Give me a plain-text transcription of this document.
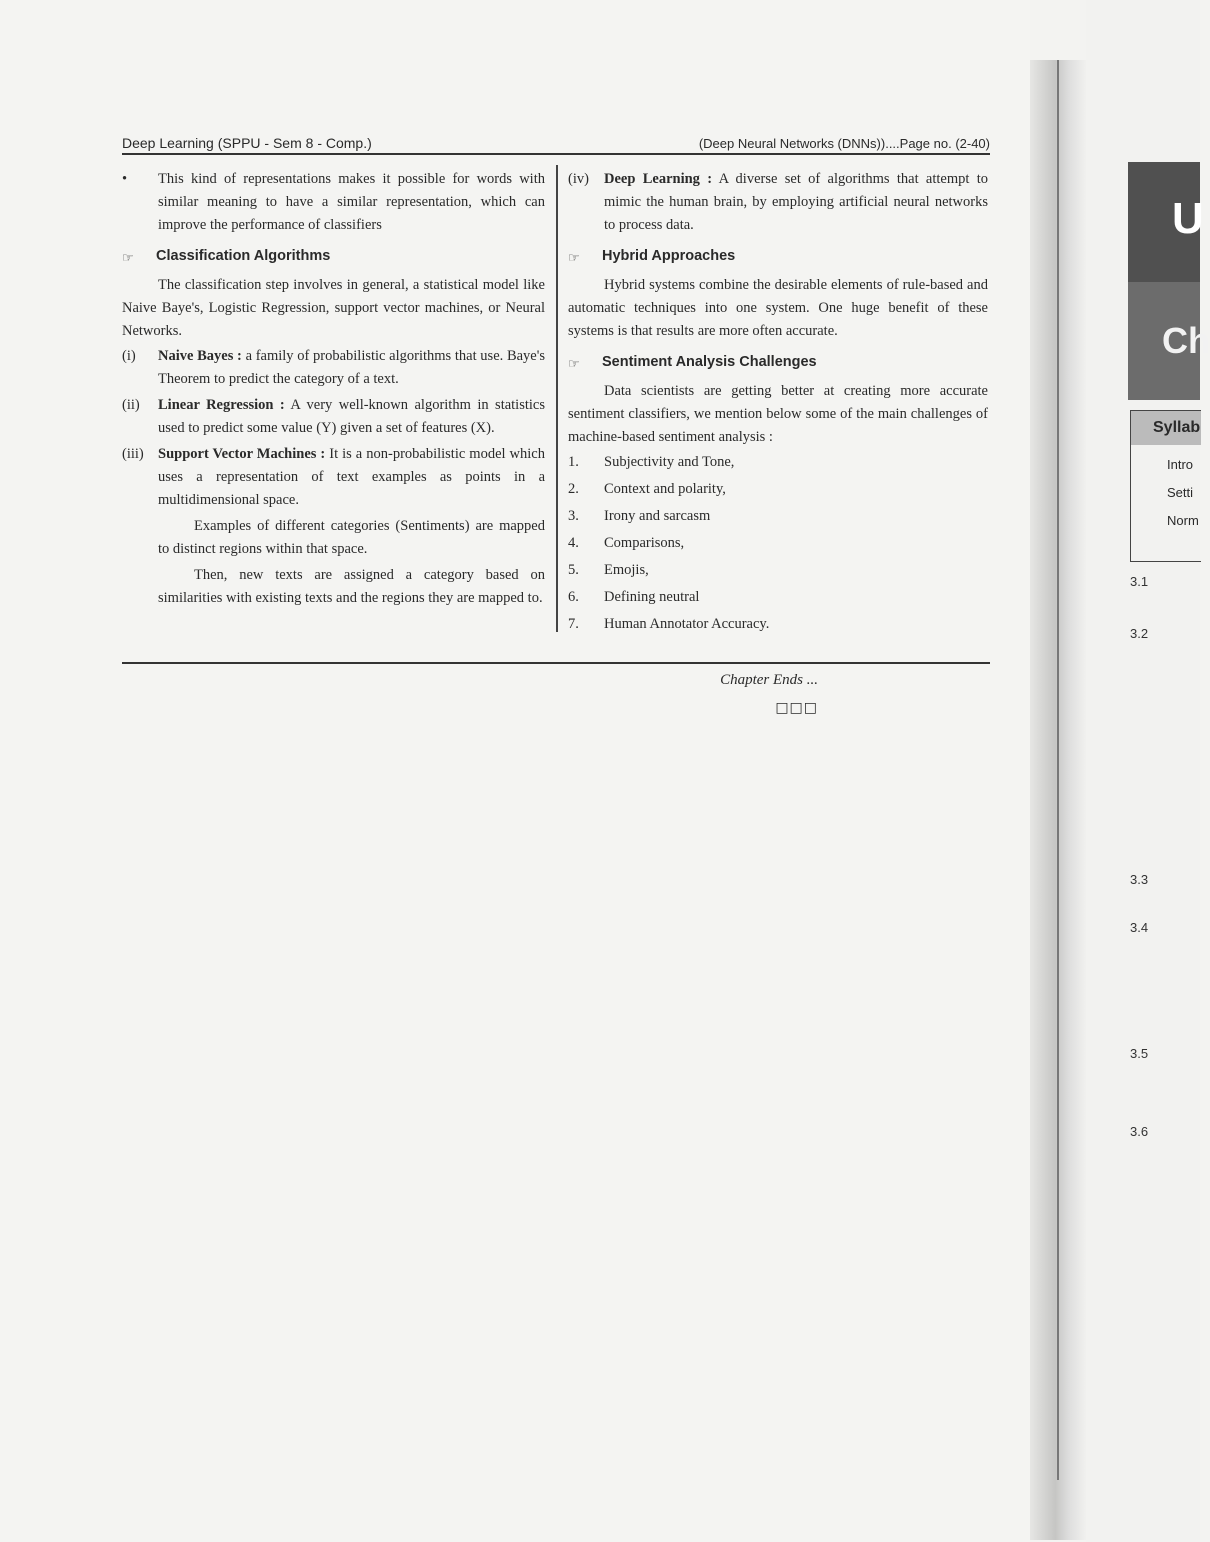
Deep Learning (SPPU - Sem 8 - Comp.)	(Deep Neural Networks (DNNs))....Page no. (2-40)
• This kind of representations makes it possible for words with similar meaning to have a similar representation, which can improve the performance of classifiers
☞ Classification Algorithms

The classification step involves in general, a statistical model like Naive Baye's, Logistic Regression, support vector machines, or Neural Networks.

(i) Naive Bayes : a family of probabilistic algorithms that use. Baye's Theorem to predict the category of a text.
(ii) Linear Regression : A very well-known algorithm in statistics used to predict some value (Y) given a set of features (X).
(iii) Support Vector Machines : It is a non-probabilistic model which uses a representation of text examples as points in a multidimensional space.

Examples of different categories (Sentiments) are mapped to distinct regions within that space.

Then, new texts are assigned a category based on similarities with existing texts and the regions they are mapped to.

(iv) Deep Learning : A diverse set of algorithms that attempt to mimic the human brain, by employing artificial neural networks to process data.
☞ Hybrid Approaches

Hybrid systems combine the desirable elements of rule-based and automatic techniques into one system. One huge benefit of these systems is that results are more often accurate.

☞ Sentiment Analysis Challenges

Data scientists are getting better at creating more accurate sentiment classifiers, we mention below some of the main challenges of machine-based sentiment analysis :

1. Subjectivity and Tone,
2. Context and polarity,
3. Irony and sarcasm
4. Comparisons,
5. Emojis,
6. Defining neutral
7. Human Annotator Accuracy.
Chapter Ends ...
□□□
U
Ch
Syllab
Intro
Setti
Norm
3.1
3.2
3.3
3.4
3.5
3.6
